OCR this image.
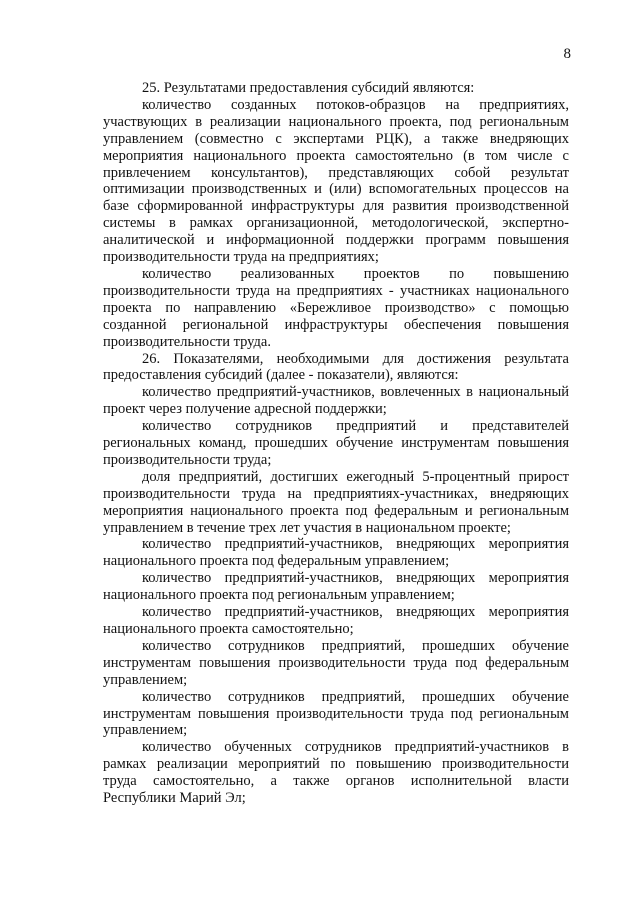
8

25. Результатами предоставления субсидий являются:

количество созданных потоков-образцов на предприятиях, участвующих в реализации национального проекта, под региональным управлением (совместно с экспертами РЦК), а также внедряющих мероприятия национального проекта самостоятельно (в том числе с привлечением консультантов), представляющих собой результат оптимизации производственных и (или) вспомогательных процессов на базе сформированной инфраструктуры для развития производственной системы в рамках организационной, методологической, экспертно-аналитической и информационной поддержки программ повышения производительности труда на предприятиях;

количество реализованных проектов по повышению производительности труда на предприятиях - участниках национального проекта по направлению «Бережливое производство» с помощью созданной региональной инфраструктуры обеспечения повышения производительности труда.

26. Показателями, необходимыми для достижения результата предоставления субсидий (далее - показатели), являются:

количество предприятий-участников, вовлеченных в национальный проект через получение адресной поддержки;

количество сотрудников предприятий и представителей региональных команд, прошедших обучение инструментам повышения производительности труда;

доля предприятий, достигших ежегодный 5-процентный прирост производительности труда на предприятиях-участниках, внедряющих мероприятия национального проекта под федеральным и региональным управлением в течение трех лет участия в национальном проекте;

количество предприятий-участников, внедряющих мероприятия национального проекта под федеральным управлением;

количество предприятий-участников, внедряющих мероприятия национального проекта под региональным управлением;

количество предприятий-участников, внедряющих мероприятия национального проекта самостоятельно;

количество сотрудников предприятий, прошедших обучение инструментам повышения производительности труда под федеральным управлением;

количество сотрудников предприятий, прошедших обучение инструментам повышения производительности труда под региональным управлением;

количество обученных сотрудников предприятий-участников в рамках реализации мероприятий по повышению производительности труда самостоятельно, а также органов исполнительной власти Республики Марий Эл;
